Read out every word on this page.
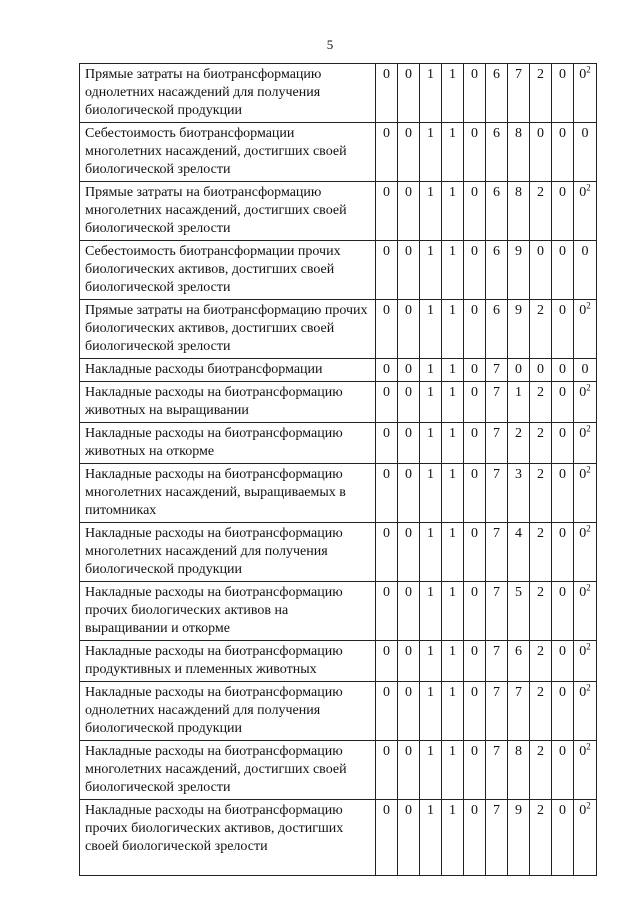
5
Прямые затраты на биотрансформацию однолетних насаждений для получения биологической продукции	0	0	1	1	0	6	7	2	0	$0^2$
Себестоимость биотрансформации многолетних насаждений, достигших своей биологической зрелости	0	0	1	1	0	6	8	0	0	0
Прямые затраты на биотрансформацию многолетних насаждений, достигших своей биологической зрелости	0	0	1	1	0	6	8	2	0	$0^2$
Себестоимость биотрансформации прочих биологических активов, достигших своей биологической зрелости	0	0	1	1	0	6	9	0	0	0
Прямые затраты на биотрансформацию прочих биологических активов, достигших своей биологической зрелости	0	0	1	1	0	6	9	2	0	$0^2$
Накладные расходы биотрансформации	0	0	1	1	0	7	0	0	0	0
Накладные расходы на биотрансформацию животных на выращивании	0	0	1	1	0	7	1	2	0	$0^2$
Накладные расходы на биотрансформацию животных на откорме	0	0	1	1	0	7	2	2	0	$0^2$
Накладные расходы на биотрансформацию многолетних насаждений, выращиваемых в питомниках	0	0	1	1	0	7	3	2	0	$0^2$
Накладные расходы на биотрансформацию многолетних насаждений для получения биологической продукции	0	0	1	1	0	7	4	2	0	$0^2$
Накладные расходы на биотрансформацию прочих биологических активов на выращивании и откорме	0	0	1	1	0	7	5	2	0	$0^2$
Накладные расходы на биотрансформацию продуктивных и племенных животных	0	0	1	1	0	7	6	2	0	$0^2$
Накладные расходы на биотрансформацию однолетних насаждений для получения биологической продукции	0	0	1	1	0	7	7	2	0	$0^2$
Накладные расходы на биотрансформацию многолетних насаждений, достигших своей биологической зрелости	0	0	1	1	0	7	8	2	0	$0^2$
Накладные расходы на биотрансформацию прочих биологических активов, достигших своей биологической зрелости	0	0	1	1	0	7	9	2	0	$0^2$
